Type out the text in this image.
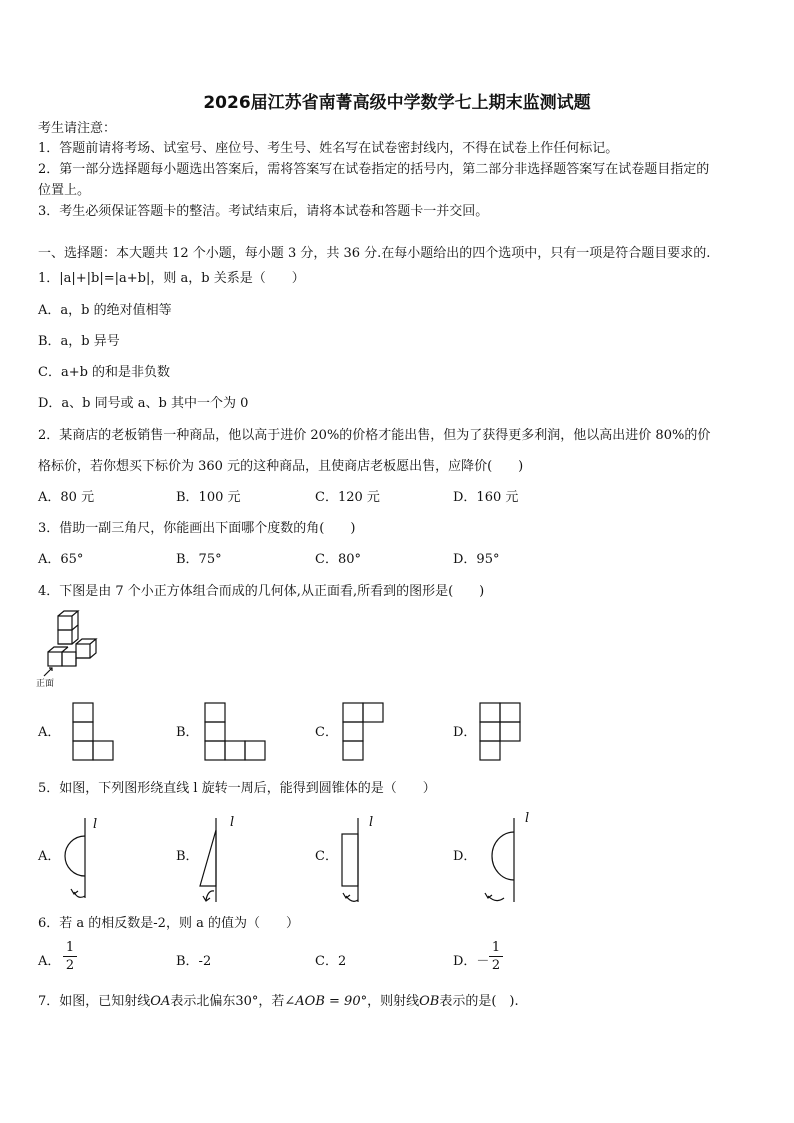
2026届江苏省南菁高级中学数学七上期末监测试题
考生请注意：
1．答题前请将考场、试室号、座位号、考生号、姓名写在试卷密封线内，不得在试卷上作任何标记。
2．第一部分选择题每小题选出答案后，需将答案写在试卷指定的括号内，第二部分非选择题答案写在试卷题目指定的
位置上。
3．考生必须保证答题卡的整洁。考试结束后，请将本试卷和答题卡一并交回。
一、选择题：本大题共 12 个小题，每小题 3 分，共 36 分.在每小题给出的四个选项中，只有一项是符合题目要求的.
1．|a|+|b|=|a+b|，则 a，b 关系是（　　）
A．a，b 的绝对值相等
B．a，b 异号
C．a+b 的和是非负数
D．a、b 同号或 a、b 其中一个为 0
2．某商店的老板销售一种商品，他以高于进价 20%的价格才能出售，但为了获得更多利润，他以高出进价 80%的价
格标价，若你想买下标价为 360 元的这种商品，且使商店老板愿出售，应降价(　　)
A．80 元	B．100 元	C．120 元	D．160 元
3．借助一副三角尺，你能画出下面哪个度数的角(　　)
A．65°	B．75°	C．80°	D．95°
4．下图是由 7 个小正方体组合而成的几何体,从正面看,所看到的图形是(　　)
正面
A．	B．	C．	D．
5．如图，下列图形绕直线 l 旋转一周后，能得到圆锥体的是（　　）
A．
l
B．
l
C．
l
D．
l
6．若 a 的相反数是-2，则 a 的值为（　　）
A．
1
2	B．-2	C．2	D．－
1
2
7．如图，已知射线OA表示北偏东30°，若∠AOB = 90°，则射线OB表示的是(　).
